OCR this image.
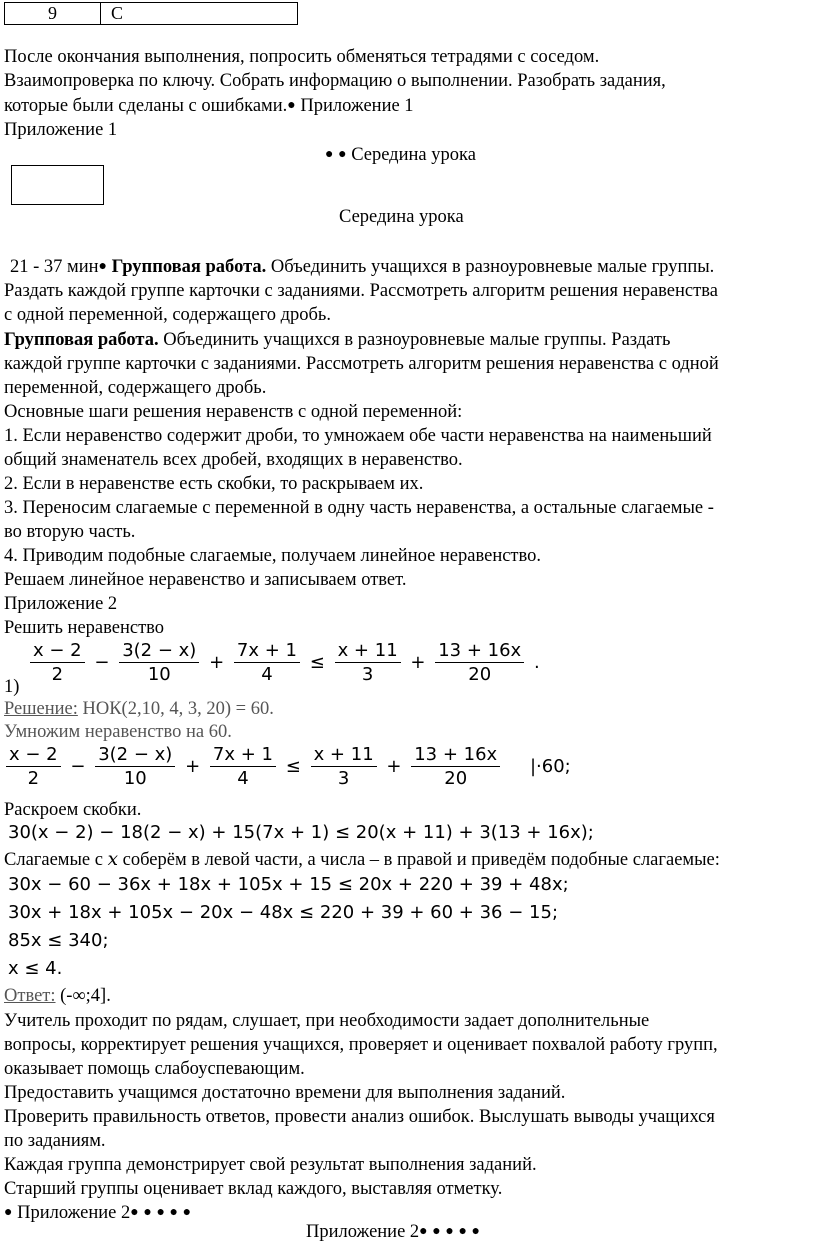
9	C
После окончания выполнения, попросить обменяться тетрадями с соседом.
Взаимопроверка по ключу. Собрать информацию о выполнении. Разобрать задания,
которые были сделаны с ошибками.● Приложение 1
Приложение 1
● ● Середина урока
Середина урока
21 - 37 мин● Групповая работа. Объединить учащихся в разноуровневые малые группы.
Раздать каждой группе карточки с заданиями. Рассмотреть алгоритм решения неравенства
с одной переменной, содержащего дробь.
Групповая работа. Объединить учащихся в разноуровневые малые группы. Раздать
каждой группе карточки с заданиями. Рассмотреть алгоритм решения неравенства с одной
переменной, содержащего дробь.
Основные шаги решения неравенств с одной переменной:
1. Если неравенство содержит дроби, то умножаем обе части неравенства на наименьший
общий знаменатель всех дробей, входящих в неравенство.
2. Если в неравенстве есть скобки, то раскрываем их.
3. Переносим слагаемые с переменной в одну часть неравенства, а остальные слагаемые -
во вторую часть.
4. Приводим подобные слагаемые, получаем линейное неравенство.
Решаем линейное неравенство и записываем ответ.
Приложение 2
Решить неравенство
$\frac{x - 2}{2} - \frac{3(2 - x)}{10} + \frac{7x + 1}{4} \le \frac{x + 11}{3} + \frac{13 + 16x}{20}$ .
1)
Решение: НОК(2,10, 4, 3, 20) = 60.
Умножим неравенство на 60.
$\frac{x - 2}{2} - \frac{3(2 - x)}{10} + \frac{7x + 1}{4} \le \frac{x + 11}{3} + \frac{13 + 16x}{20} |\cdot 60$;
Раскроем скобки.
30(x − 2) − 18(2 − x) + 15(7x + 1) ≤ 20(x + 11) + 3(13 + 16x);
Слагаемые с x соберём в левой части, а числа – в правой и приведём подобные слагаемые:
30x − 60 − 36x + 18x + 105x + 15 ≤ 20x + 220 + 39 + 48x;
30x + 18x + 105x − 20x − 48x ≤ 220 + 39 + 60 + 36 − 15;
85x ≤ 340;
x ≤ 4.
Ответ: (-∞;4].
Учитель проходит по рядам, слушает, при необходимости задает дополнительные
вопросы, корректирует решения учащихся, проверяет и оценивает похвалой работу групп,
оказывает помощь слабоуспевающим.
Предоставить учащимся достаточно времени для выполнения заданий.
Проверить правильность ответов, провести анализ ошибок. Выслушать выводы учащихся
по заданиям.
Каждая группа демонстрирует свой результат выполнения заданий.
Старший группы оценивает вклад каждого, выставляя отметку.
● Приложение 2● ● ● ● ●
Приложение 2● ● ● ● ●
